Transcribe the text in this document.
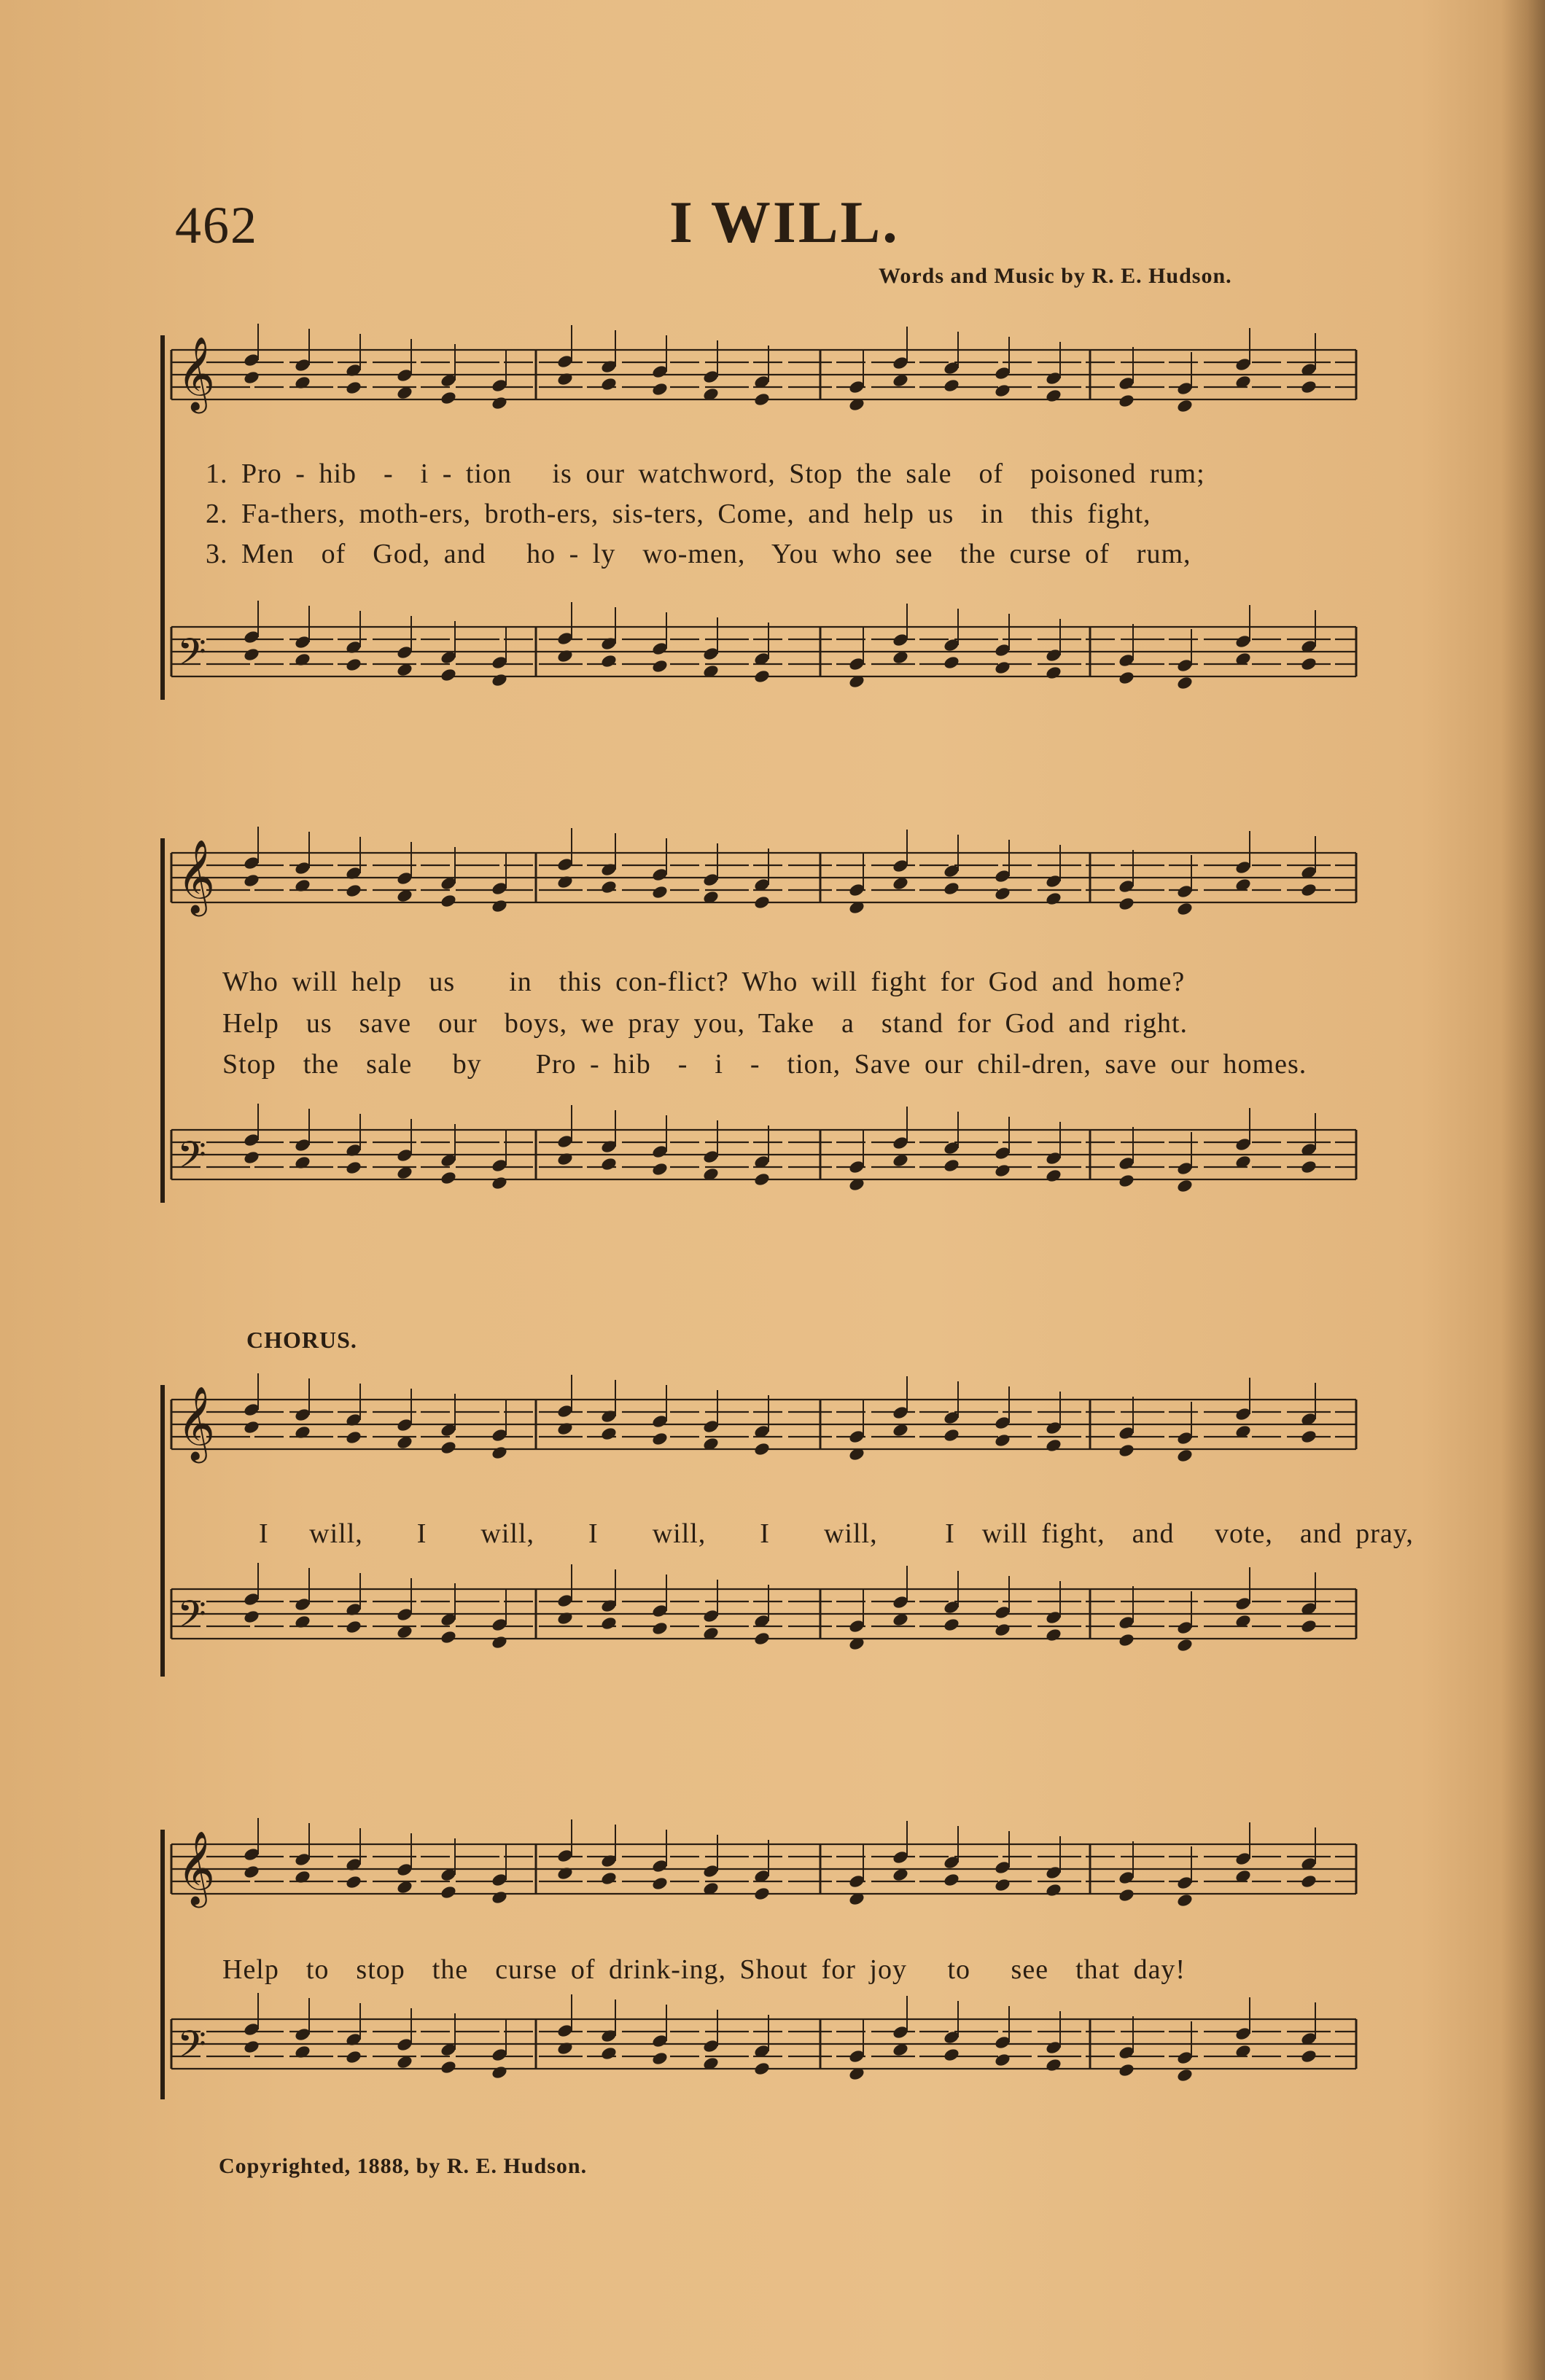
462	I WILL.
Words and Music by R. E. Hudson.
𝄞
𝄢
1. Pro - hib  -  i - tion   is our watchword, Stop the sale  of  poisoned rum;
2. Fa-thers, moth-ers, broth-ers, sis-ters, Come, and help us  in  this fight,
3. Men  of  God, and   ho - ly  wo-men,  You who see  the curse of  rum,
𝄞
𝄢
Who will help  us    in  this con-flict? Who will fight for God and home?
Help  us  save  our  boys, we pray you, Take  a  stand for God and right.
Stop  the  sale   by    Pro - hib  -  i  -  tion, Save our chil-dren, save our homes.
CHORUS.
𝄞
𝄢
I   will,    I    will,    I    will,    I    will,     I  will fight,  and   vote,  and pray,
𝄞
𝄢
Help  to  stop  the  curse of drink-ing, Shout for joy   to   see  that day!
Copyrighted, 1888, by R. E. Hudson.
